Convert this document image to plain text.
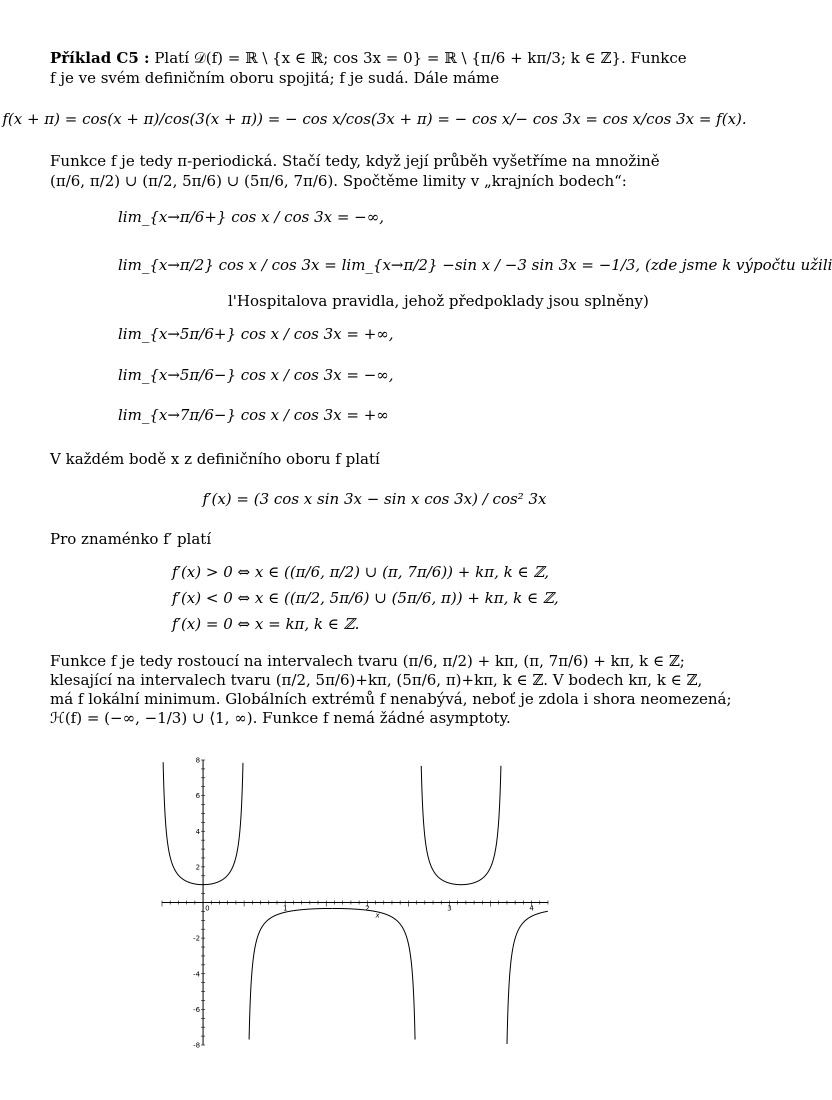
Příklad C5 : Platí 𝒟(f) = ℝ \ {x ∈ ℝ; cos 3x = 0} = ℝ \ {π/6 + kπ/3; k ∈ ℤ}. Funkce
f je ve svém definičním oboru spojitá; f je sudá. Dále máme
f(x + π) = cos(x + π)/cos(3(x + π)) = − cos x/cos(3x + π) = − cos x/− cos 3x = cos x/cos 3x = f(x).
Funkce f je tedy π-periodická. Stačí tedy, když její průběh vyšetříme na množině
(π/6, π/2) ∪ (π/2, 5π/6) ∪ (5π/6, 7π/6). Spočtěme limity v „krajních bodech“:
lim_{x→π/6+} cos x / cos 3x = −∞,
lim_{x→π/2} cos x / cos 3x = lim_{x→π/2} −sin x / −3 sin 3x = −1/3, (zde jsme k výpočtu užili
l'Hospitalova pravidla, jehož předpoklady jsou splněny)
lim_{x→5π/6+} cos x / cos 3x = +∞,
lim_{x→5π/6−} cos x / cos 3x = −∞,
lim_{x→7π/6−} cos x / cos 3x = +∞
V každém bodě x z definičního oboru f platí
f′(x) = (3 cos x sin 3x − sin x cos 3x) / cos² 3x
Pro znaménko f′ platí
f′(x) > 0 ⇔ x ∈ ((π/6, π/2) ∪ (π, 7π/6)) + kπ, k ∈ ℤ,
f′(x) < 0 ⇔ x ∈ ((π/2, 5π/6) ∪ (5π/6, π)) + kπ, k ∈ ℤ,
f′(x) = 0 ⇔ x = kπ, k ∈ ℤ.
Funkce f je tedy rostoucí na intervalech tvaru (π/6, π/2) + kπ, (π, 7π/6) + kπ, k ∈ ℤ;
klesající na intervalech tvaru (π/2, 5π/6)+kπ, (5π/6, π)+kπ, k ∈ ℤ. V bodech kπ, k ∈ ℤ,
má f lokální minimum. Globálních extrémů f nenabývá, neboť je zdola i shora neomezená;
ℋ(f) = (−∞, −1/3) ∪ ⟨1, ∞). Funkce f nemá žádné asymptoty.
1	2	3	4
0
x
-8
-6
-4
-2
2
4
6
8
